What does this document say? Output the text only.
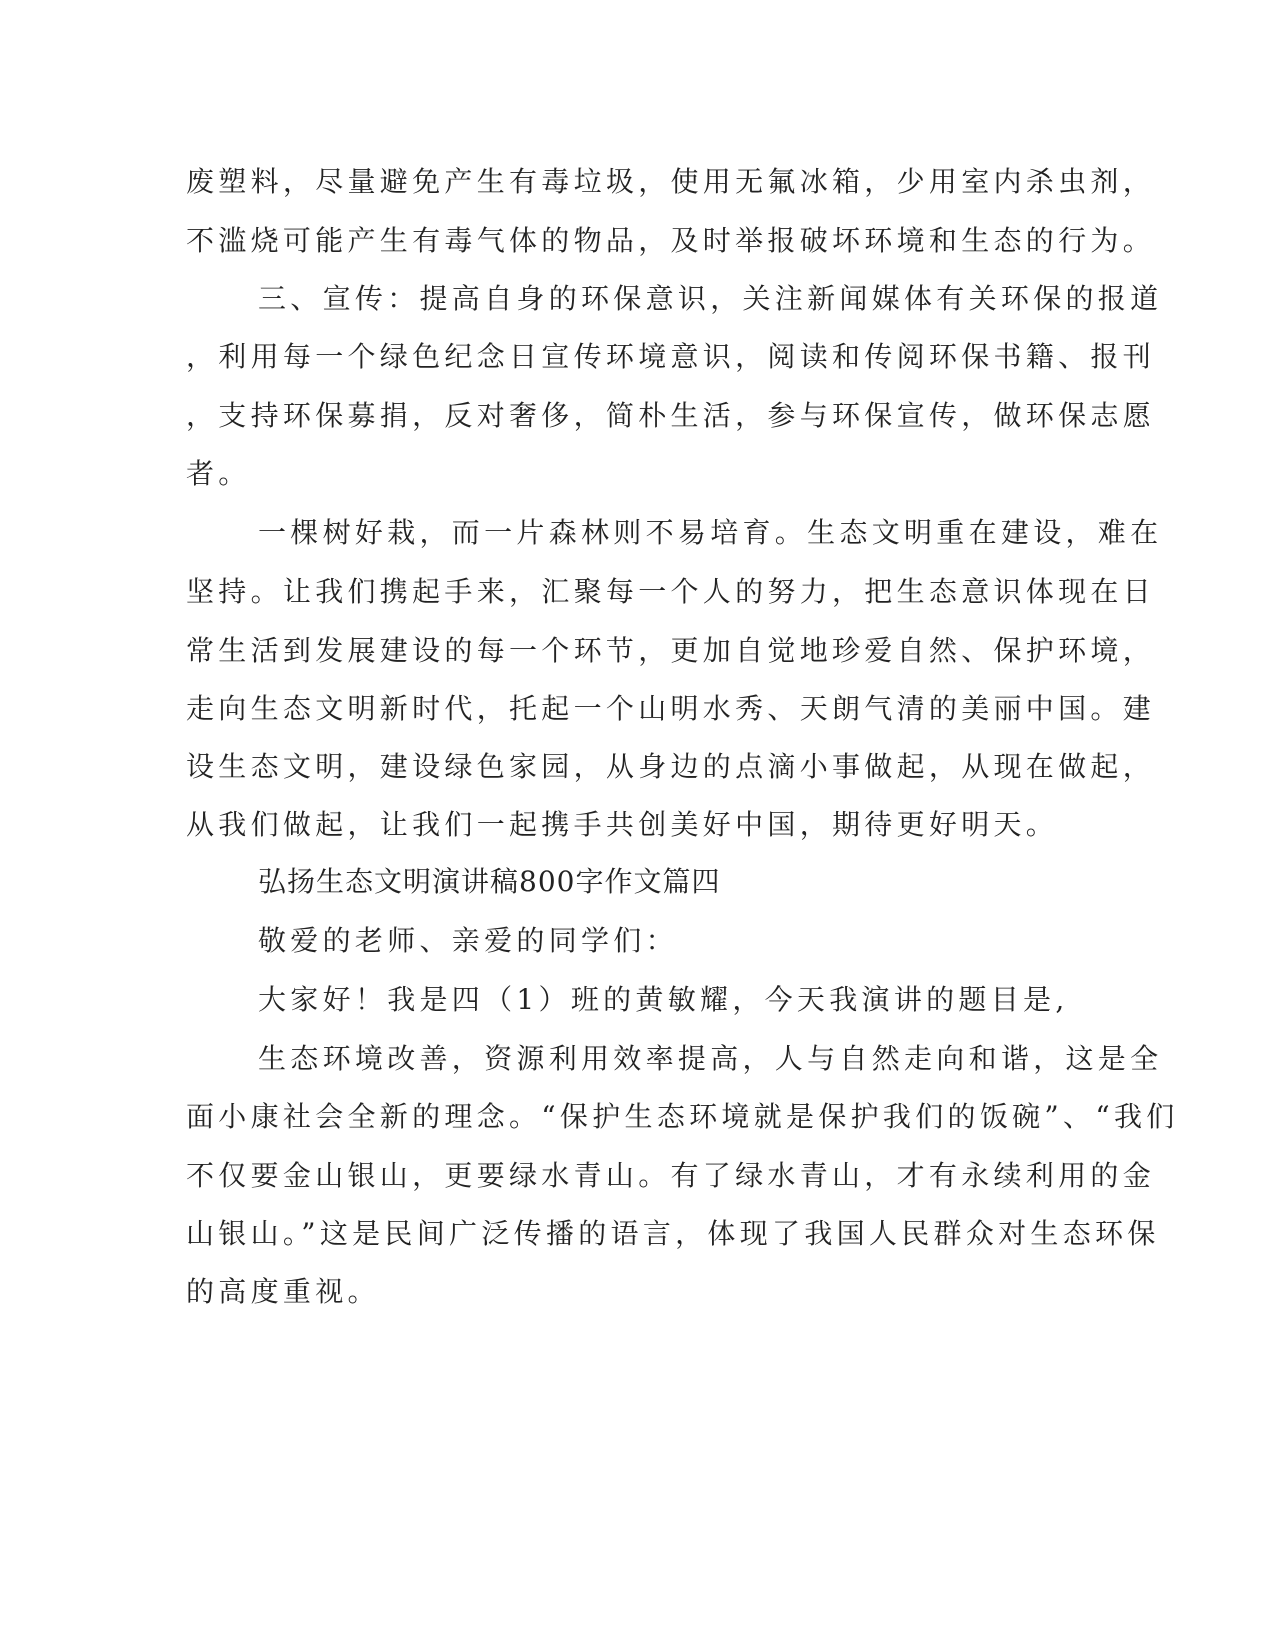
废塑料，尽量避免产生有毒垃圾，使用无氟冰箱，少用室内杀虫剂，

不滥烧可能产生有毒气体的物品，及时举报破坏环境和生态的行为。

三、宣传：提高自身的环保意识，关注新闻媒体有关环保的报道

，利用每一个绿色纪念日宣传环境意识，阅读和传阅环保书籍、报刊

，支持环保募捐，反对奢侈，简朴生活，参与环保宣传，做环保志愿

者。

一棵树好栽，而一片森林则不易培育。生态文明重在建设，难在

坚持。让我们携起手来，汇聚每一个人的努力，把生态意识体现在日

常生活到发展建设的每一个环节，更加自觉地珍爱自然、保护环境，

走向生态文明新时代，托起一个山明水秀、天朗气清的美丽中国。建

设生态文明，建设绿色家园，从身边的点滴小事做起，从现在做起，

从我们做起，让我们一起携手共创美好中国，期待更好明天。

弘扬生态文明演讲稿800字作文篇四

敬爱的老师、亲爱的同学们：

大家好！我是四（1）班的黄敏耀，今天我演讲的题目是,

生态环境改善，资源利用效率提高，人与自然走向和谐，这是全

面小康社会全新的理念。“保护生态环境就是保护我们的饭碗”、“我们

不仅要金山银山，更要绿水青山。有了绿水青山，才有永续利用的金

山银山。”这是民间广泛传播的语言，体现了我国人民群众对生态环保

的高度重视。
